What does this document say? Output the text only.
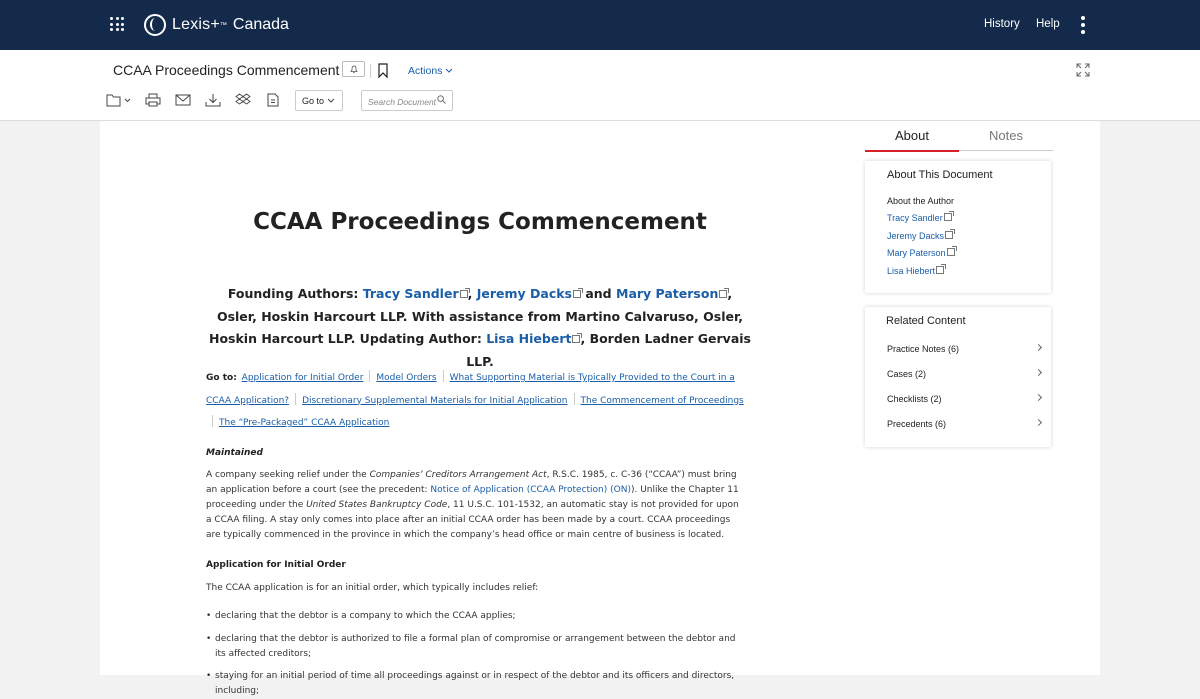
Lexis+ ™ Canada	History Help
CCAA Proceedings Commencement	Actions
Go to
	Search Document
CCAA Proceedings Commencement
Founding Authors: Tracy Sandler , Jeremy Dacks and Mary Paterson , Osler, Hoskin Harcourt LLP. With assistance from Martino Calvaruso, Osler, Hoskin Harcourt LLP. Updating Author: Lisa Hiebert , Borden Ladner Gervais LLP.
Go to: Application for Initial Order Model Orders What Supporting Material is Typically Provided to the Court in a CCAA Application? Discretionary Supplemental Materials for Initial Application The Commencement of ProceedingsThe “Pre-Packaged” CCAA Application
Maintained
A company seeking relief under the Companies’ Creditors Arrangement Act, R.S.C. 1985, c. C-36 (“CCAA”) must bring an application before a court (see the precedent: Notice of Application (CCAA Protection) (ON)). Unlike the Chapter 11 proceeding under the United States Bankruptcy Code, 11 U.S.C. 101-1532, an automatic stay is not provided for upon a CCAA filing. A stay only comes into place after an initial CCAA order has been made by a court. CCAA proceedings are typically commenced in the province in which the company’s head office or main centre of business is located.
Application for Initial Order
The CCAA application is for an initial order, which typically includes relief:
• declaring that the debtor is a company to which the CCAA applies;
• declaring that the debtor is authorized to file a formal plan of compromise or arrangement between the debtor and its affected creditors;
• staying for an initial period of time all proceedings against or in respect of the debtor and its officers and directors, including;
About	Notes
About This Document
About the Author
Tracy Sandler
Jeremy Dacks
Mary Paterson
Lisa Hiebert
Related Content
Practice Notes (6)
Cases (2)
Checklists (2)
Precedents (6)
